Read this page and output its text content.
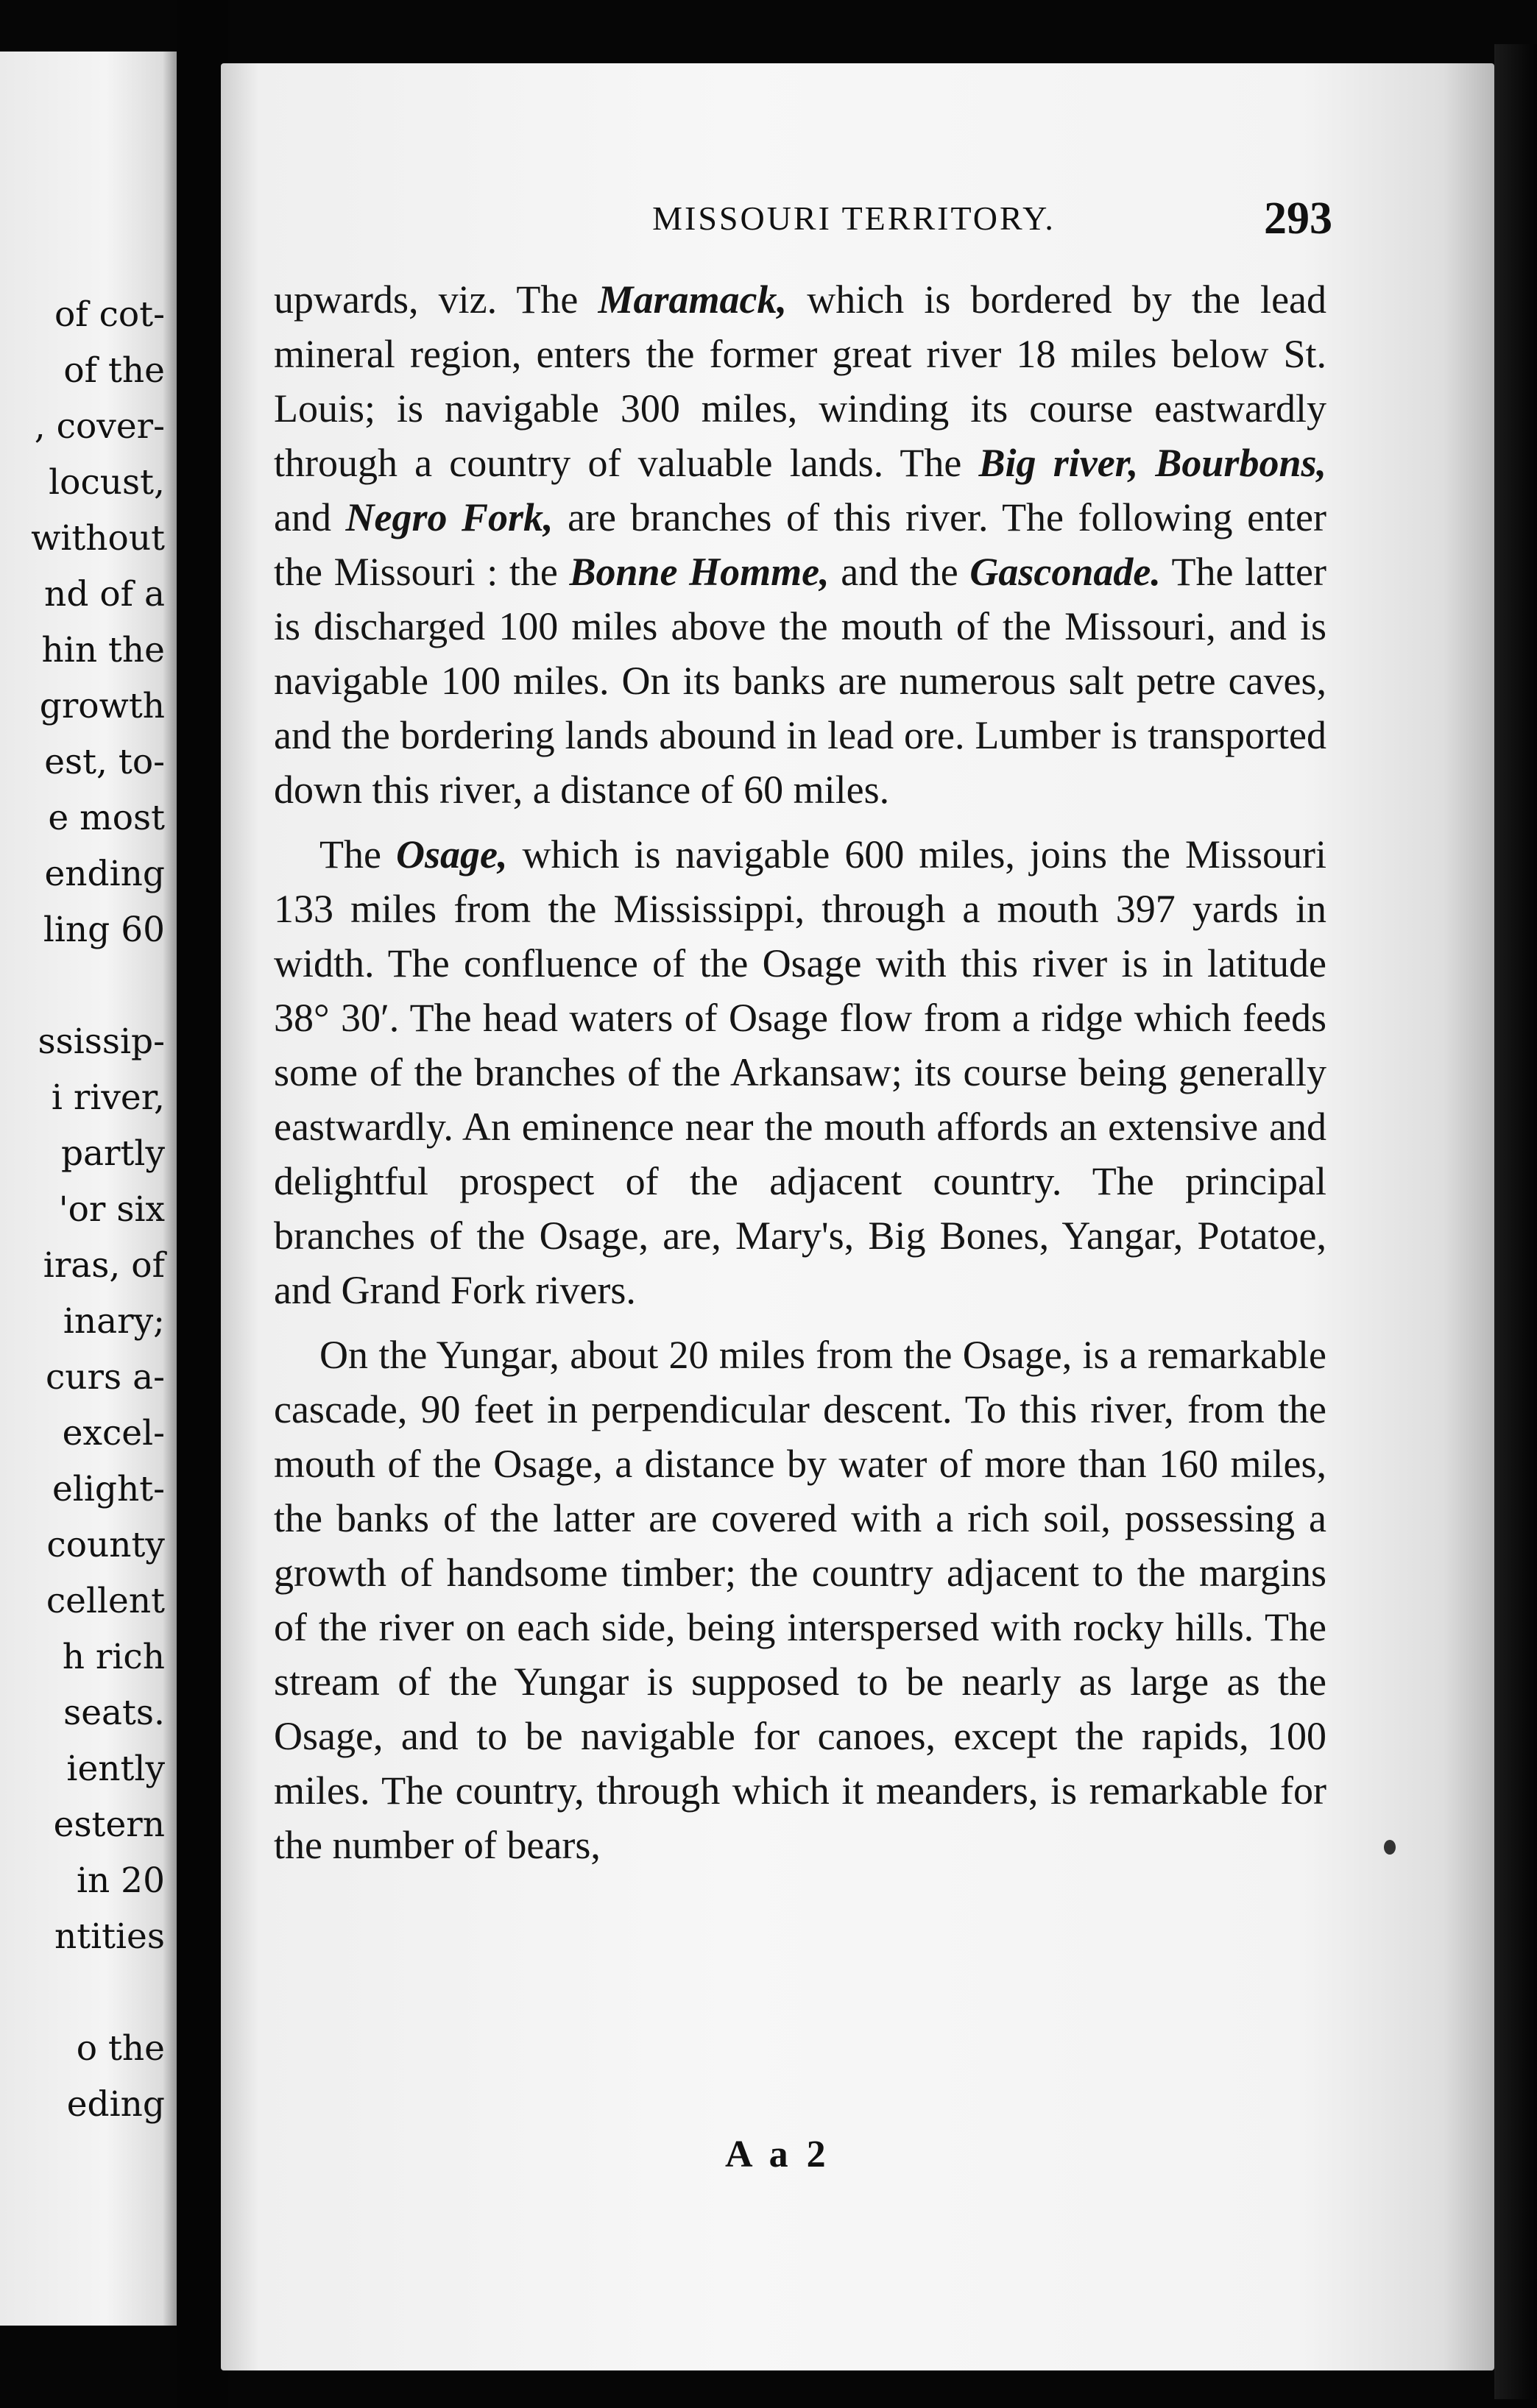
of cot-
of the
, cover-
locust,
without
nd of a
hin the
growth
est, to-
e most
ending
ling 60
ssissip-
i river,
partly
'or six
iras, of
inary;
curs a-
excel-
elight-
county
cellent
h rich
seats.
iently
estern
in 20
ntities
o the
eding
MISSOURI TERRITORY.	293

upwards, viz. The Maramack, which is bordered by the lead mineral region, enters the former great river 18 miles below St. Louis; is navigable 300 miles, winding its course eastwardly through a country of valuable lands. The Big river, Bourbons, and Negro Fork, are branches of this river. The following enter the Missouri : the Bonne Homme, and the Gasconade. The latter is discharged 100 miles above the mouth of the Missouri, and is navigable 100 miles. On its banks are numerous salt petre caves, and the bordering lands abound in lead ore. Lumber is transported down this river, a distance of 60 miles.

The Osage, which is navigable 600 miles, joins the Missouri 133 miles from the Mississippi, through a mouth 397 yards in width. The confluence of the Osage with this river is in latitude 38° 30′. The head waters of Osage flow from a ridge which feeds some of the branches of the Arkansaw; its course being generally eastwardly. An eminence near the mouth affords an extensive and delightful prospect of the adjacent country. The principal branches of the Osage, are, Mary's, Big Bones, Yangar, Potatoe, and Grand Fork rivers.

On the Yungar, about 20 miles from the Osage, is a remarkable cascade, 90 feet in perpendicular descent. To this river, from the mouth of the Osage, a distance by water of more than 160 miles, the banks of the latter are covered with a rich soil, possessing a growth of handsome timber; the country adjacent to the margins of the river on each side, being interspersed with rocky hills. The stream of the Yungar is supposed to be nearly as large as the Osage, and to be navigable for canoes, except the rapids, 100 miles. The country, through which it meanders, is remarkable for the number of bears,

A a 2
